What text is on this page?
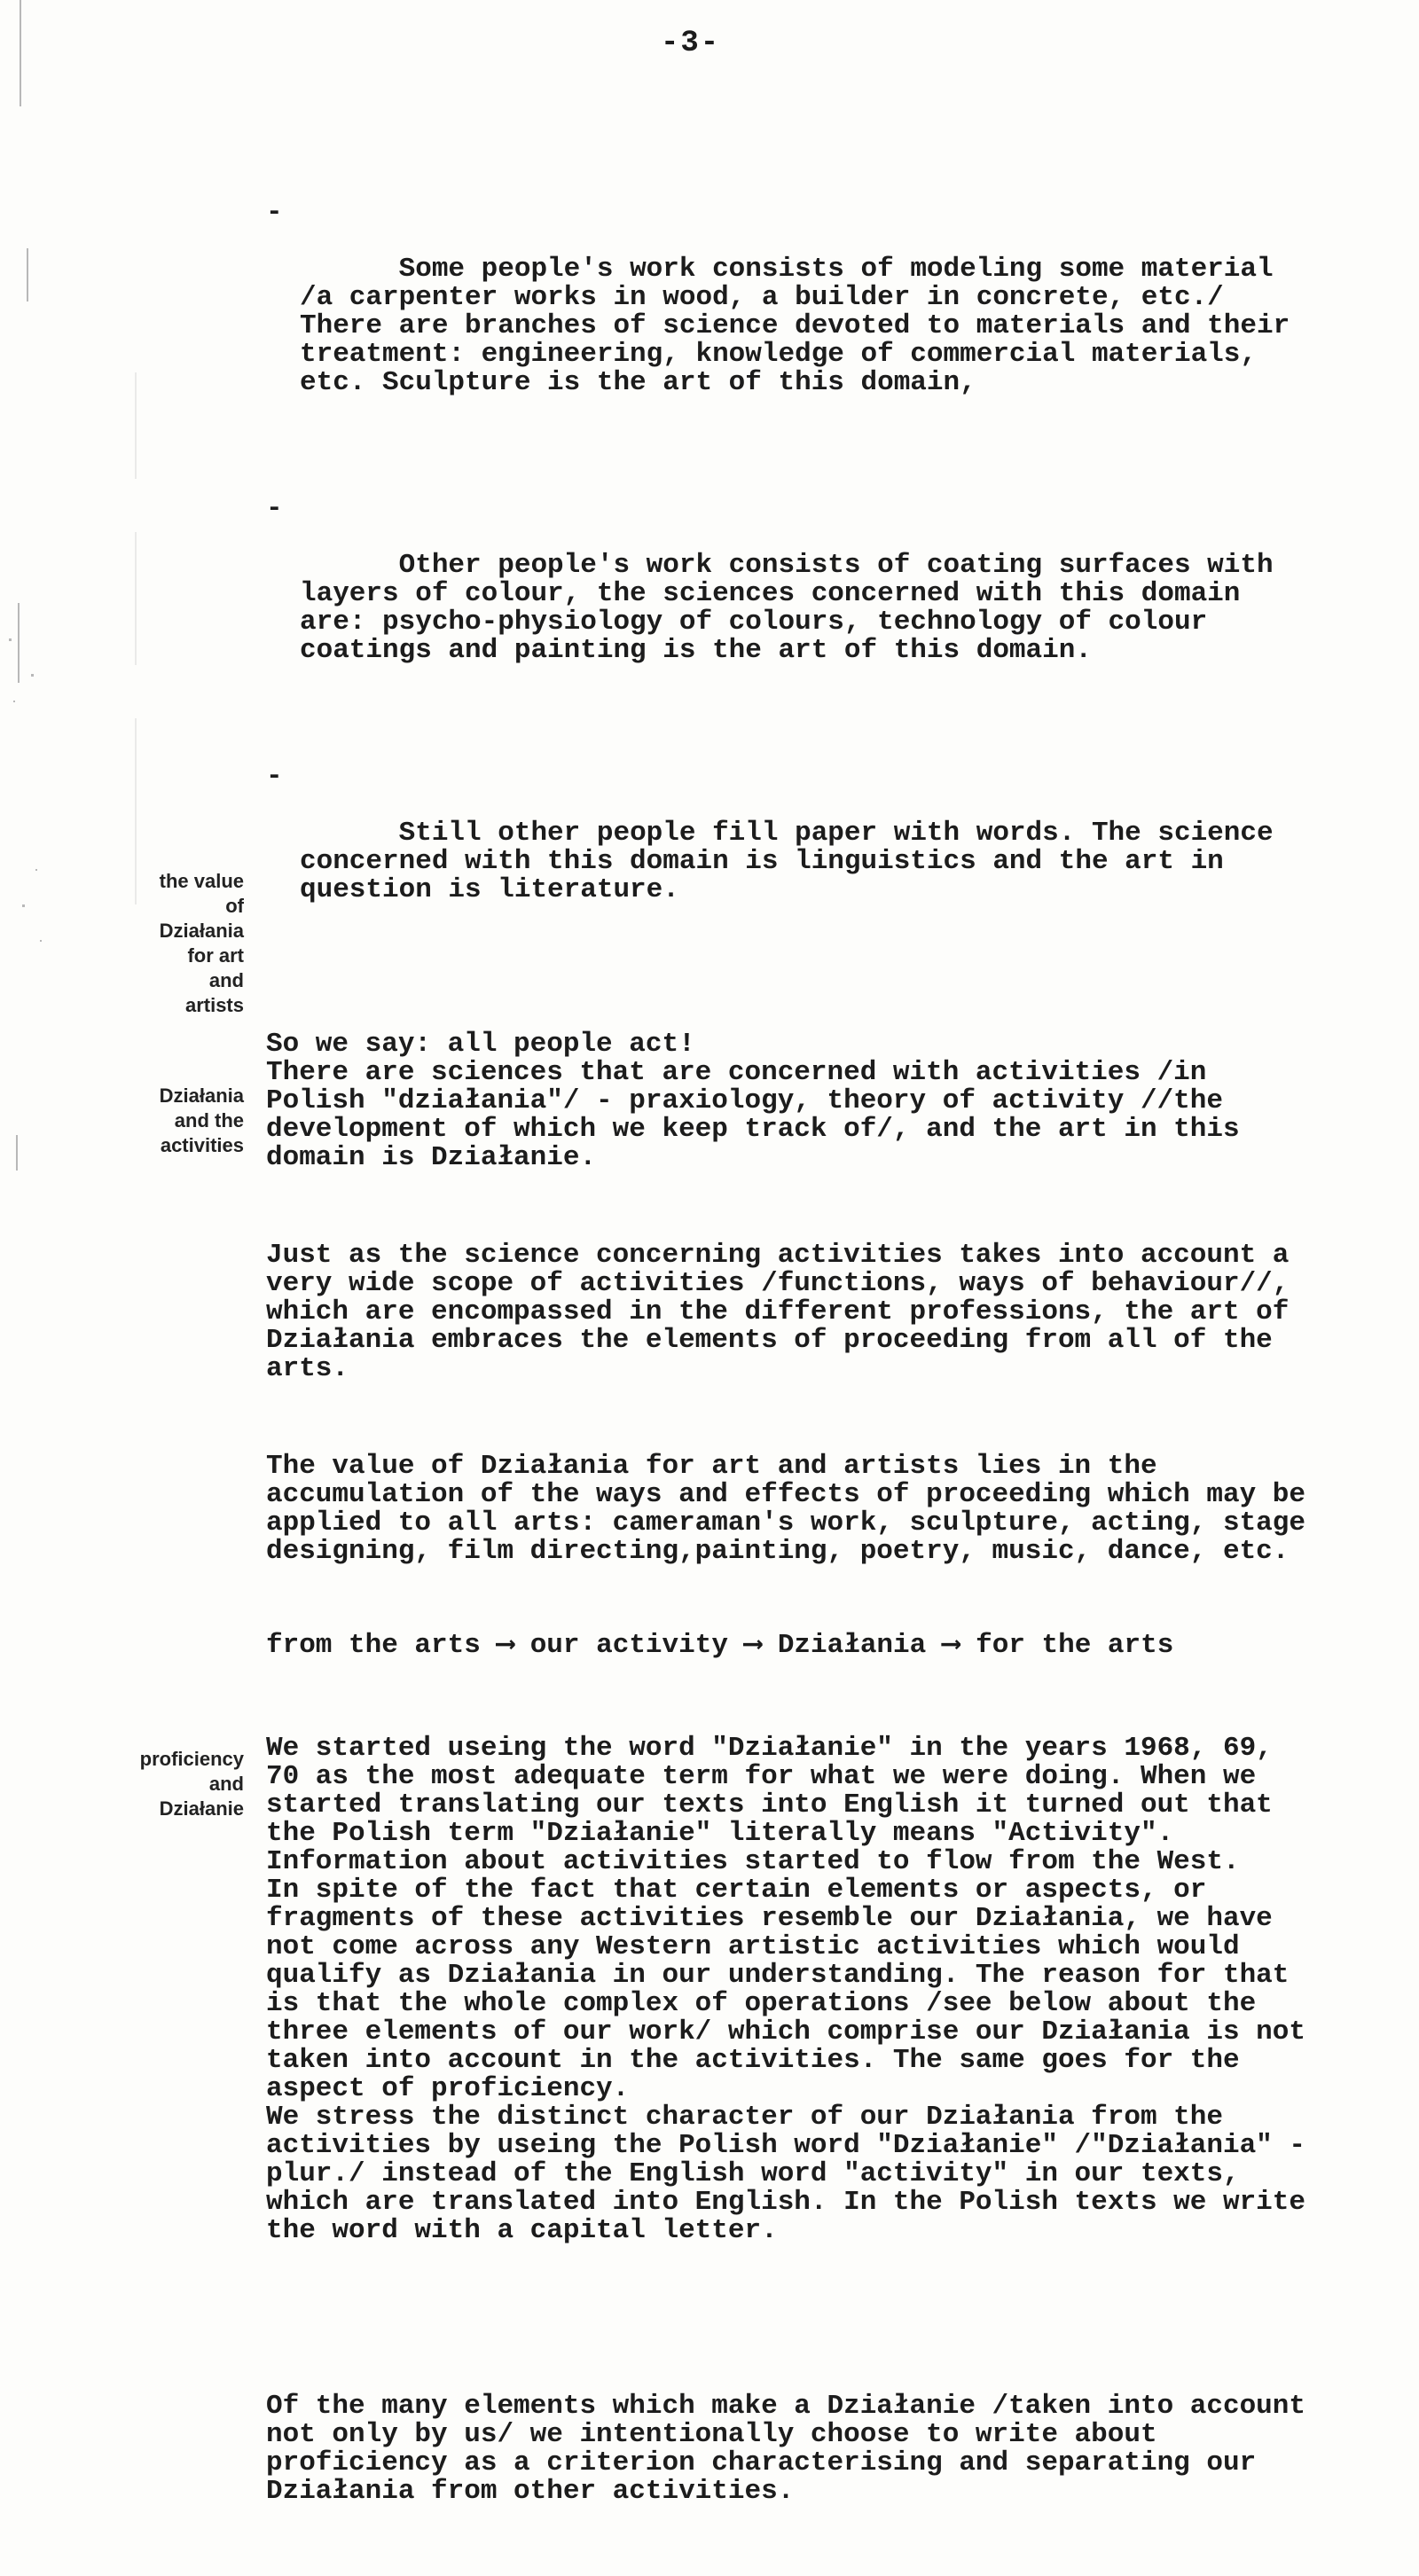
-3-

-

Some people's work consists of modeling some material /a carpenter works in wood, a builder in concrete, etc./ There are branches of science devoted to materials and their treatment: engineering, knowledge of commercial materials, etc. Sculpture is the art of this domain,

-

Other people's work consists of coating surfaces with layers of colour, the sciences concerned with this domain are: psycho-physiology of colours, technology of colour coatings and painting is the art of this domain.

-

Still other people fill paper with words. The science concerned with this domain is linguistics and the art in question is literature.

So we say: all people act!
There are sciences that are concerned with activities /in Polish "działania"/ - praxiology, theory of activity //the development of which we keep track of/, and the art in this domain is Działanie.

Just as the science concerning activities takes into account a very wide scope of activities /functions, ways of behaviour//, which are encompassed in the different professions, the art of Działania embraces the elements of proceeding from all of the arts.

The value of Działania for art and artists lies in the accumulation of the ways and effects of proceeding which may be applied to all arts: cameraman's work, sculpture, acting, stage designing, film directing,painting, poetry, music, dance, etc.

from the arts ⟶ our activity ⟶ Działania ⟶ for the arts

We started useing the word "Działanie" in the years 1968, 69, 70 as the most adequate term for what we were doing. When we started translating our texts into English it turned out that the Polish term "Działanie" literally means "Activity".
Information about activities started to flow from the West.
In spite of the fact that certain elements or aspects, or fragments of these activities resemble our Działania, we have not come across any Western artistic activities which would qualify as Działania in our understanding. The reason for that is that the whole complex of operations /see below about the three elements of our work/ which comprise our Działania is not taken into account in the activities. The same goes for the aspect of proficiency.
We stress the distinct character of our Działania from the activities by useing the Polish word "Działanie" /"Działania" - plur./ instead of the English word "activity" in our texts, which are translated into English. In the Polish texts we write the word with a capital letter.

Of the many elements which make a Działanie /taken into account not only by us/ we intentionally choose to write about proficiency as a criterion characterising and separating our Działania from other activities.

the value
of
Działania
for art
and
artists
Działania
and the
activities
proficiency
and
Działanie
